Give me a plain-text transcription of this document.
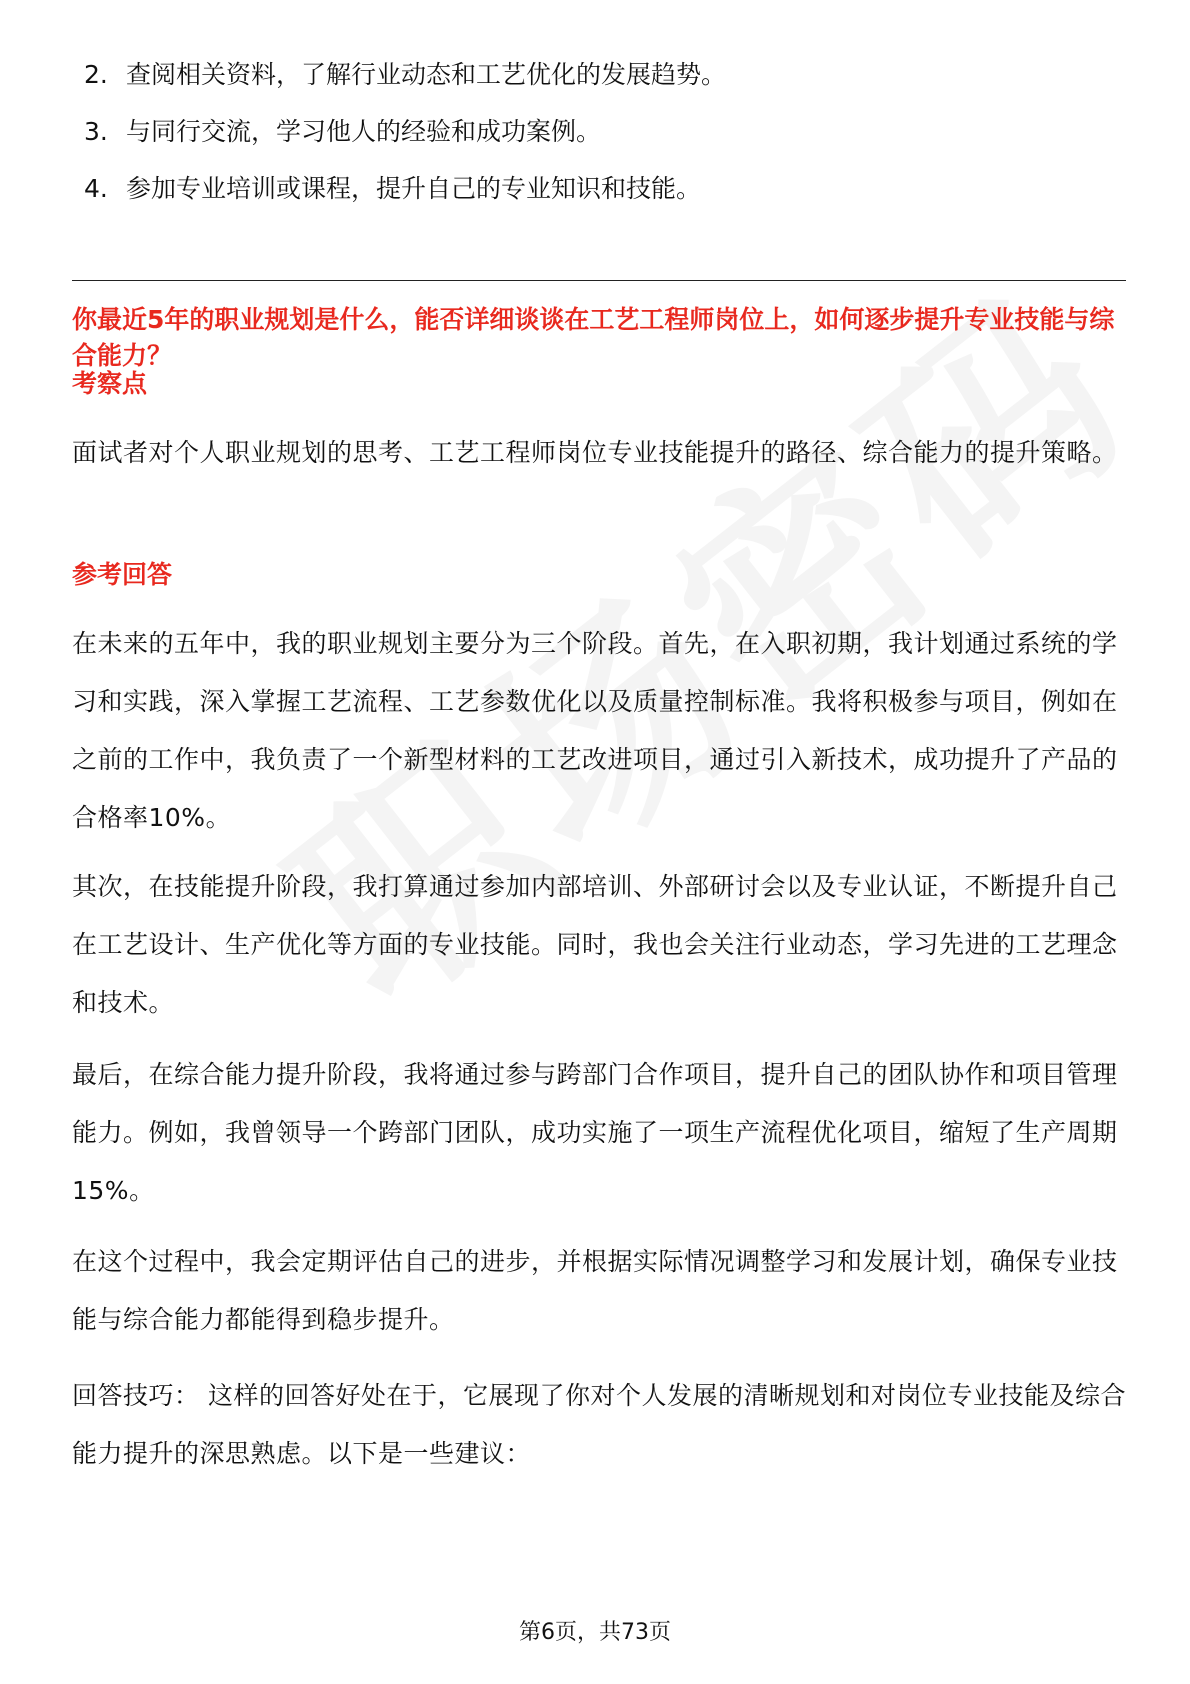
2. 查阅相关资料，了解行业动态和工艺优化的发展趋势。
3. 与同行交流，学习他人的经验和成功案例。
4. 参加专业培训或课程，提升自己的专业知识和技能。

你最近5年的职业规划是什么，能否详细谈谈在工艺工程师岗位上，如何逐步提升专业技能与综合能力？

考察点

面试者对个人职业规划的思考、工艺工程师岗位专业技能提升的路径、综合能力的提升策略。

参考回答

在未来的五年中，我的职业规划主要分为三个阶段。首先，在入职初期，我计划通过系统的学习和实践，深入掌握工艺流程、工艺参数优化以及质量控制标准。我将积极参与项目，例如在之前的工作中，我负责了一个新型材料的工艺改进项目，通过引入新技术，成功提升了产品的合格率10%。

其次，在技能提升阶段，我打算通过参加内部培训、外部研讨会以及专业认证，不断提升自己在工艺设计、生产优化等方面的专业技能。同时，我也会关注行业动态，学习先进的工艺理念和技术。

最后，在综合能力提升阶段，我将通过参与跨部门合作项目，提升自己的团队协作和项目管理能力。例如，我曾领导一个跨部门团队，成功实施了一项生产流程优化项目，缩短了生产周期15%。

在这个过程中，我会定期评估自己的进步，并根据实际情况调整学习和发展计划，确保专业技能与综合能力都能得到稳步提升。

回答技巧： 这样的回答好处在于，它展现了你对个人发展的清晰规划和对岗位专业技能及综合能力提升的深思熟虑。以下是一些建议：

第6页，共73页
